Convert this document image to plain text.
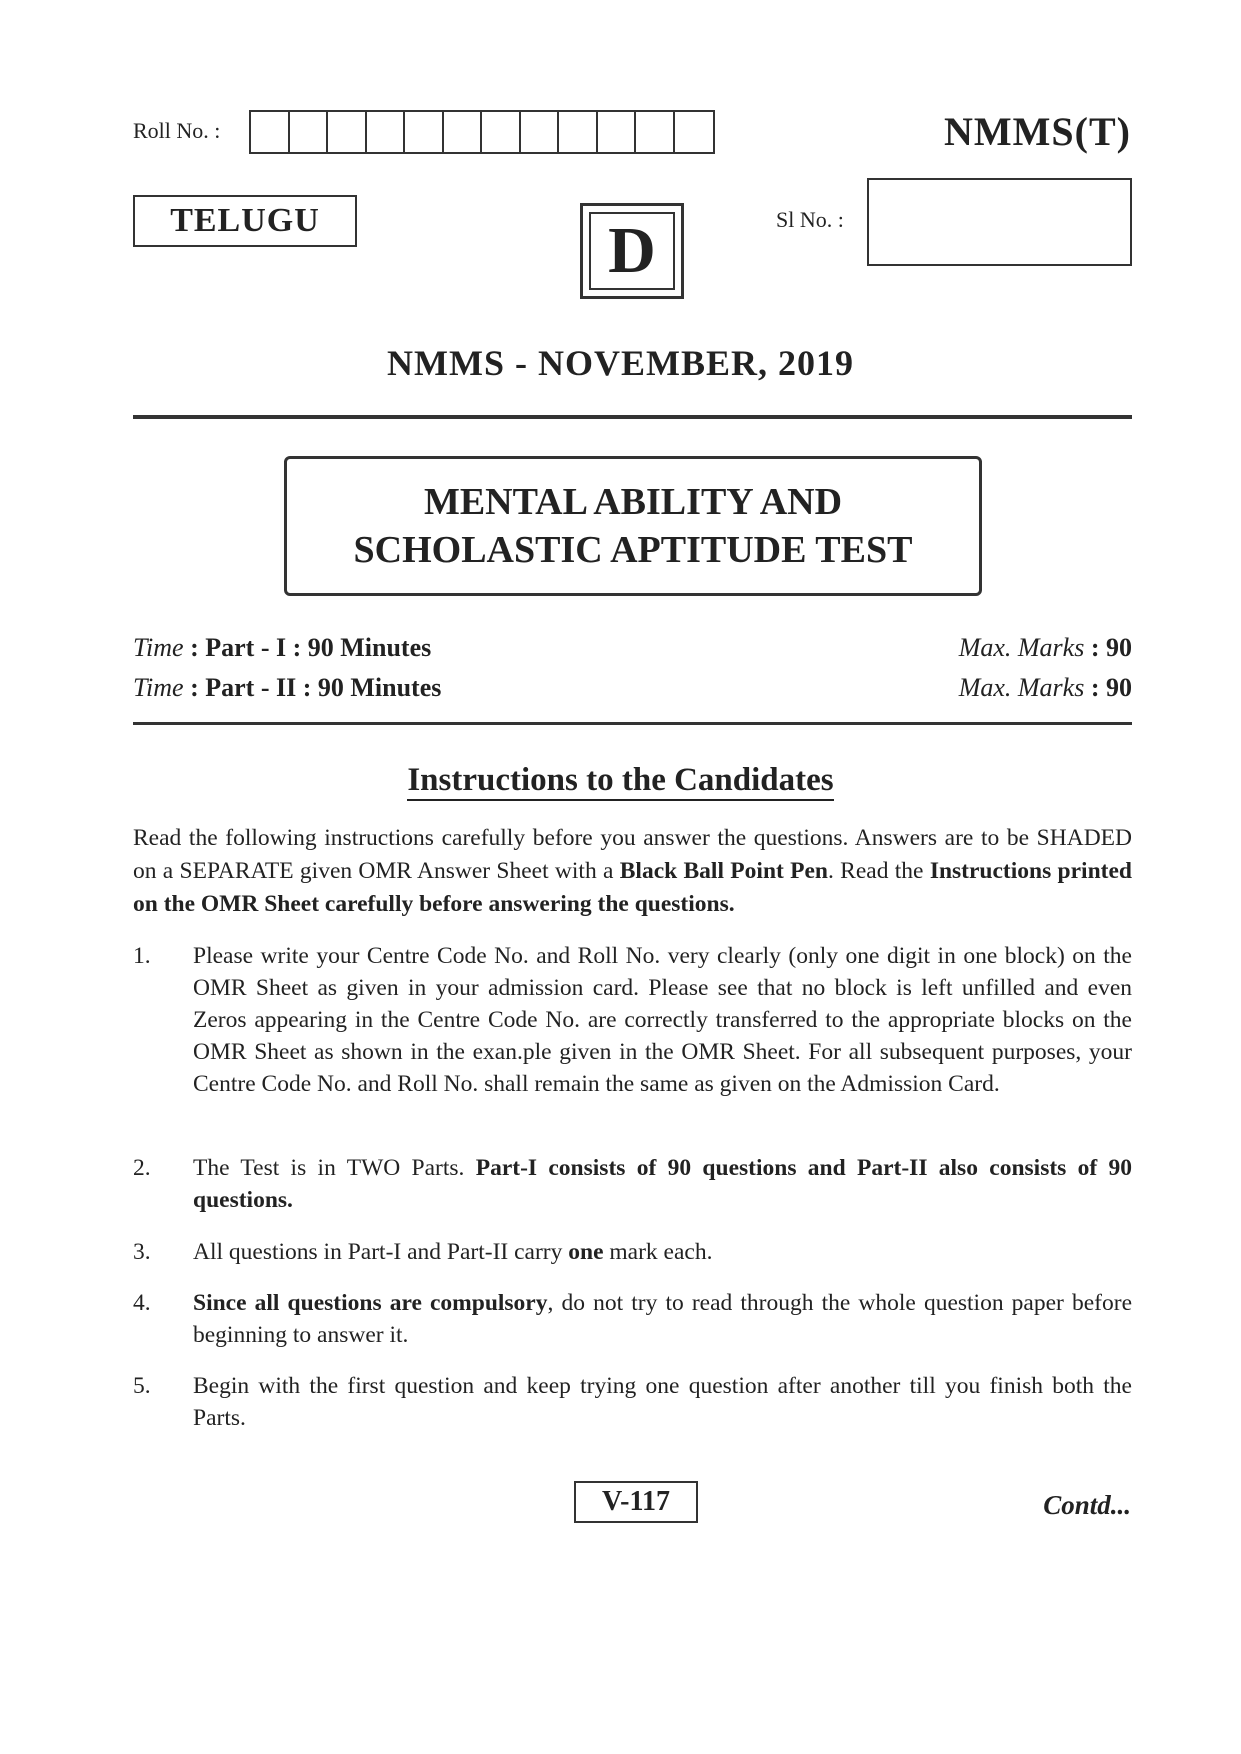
Roll No. :	NMMS(T)
TELUGU	D	Sl No. :
NMMS - NOVEMBER, 2019
MENTAL ABILITY AND
SCHOLASTIC APTITUDE TEST
Time : Part - I : 90 Minutes	Max. Marks : 90
Time : Part - II : 90 Minutes	Max. Marks : 90
Instructions to the Candidates
Read the following instructions carefully before you answer the questions. Answers are to be SHADED on a SEPARATE given OMR Answer Sheet with a Black Ball Point Pen. Read the Instructions printed on the OMR Sheet carefully before answering the questions.
1.	Please write your Centre Code No. and Roll No. very clearly (only one digit in one block) on the OMR Sheet as given in your admission card. Please see that no block is left unfilled and even Zeros appearing in the Centre Code No. are correctly transferred to the appropriate blocks on the OMR Sheet as shown in the exan.ple given in the OMR Sheet. For all subsequent purposes, your Centre Code No. and Roll No. shall remain the same as given on the Admission Card.
2.	The Test is in TWO Parts. Part-I consists of 90 questions and Part-II also consists of 90 questions.
3.	All questions in Part-I and Part-II carry one mark each.
4.	Since all questions are compulsory, do not try to read through the whole question paper before beginning to answer it.
5.	Begin with the first question and keep trying one question after another till you finish both the Parts.
V-117	Contd...
